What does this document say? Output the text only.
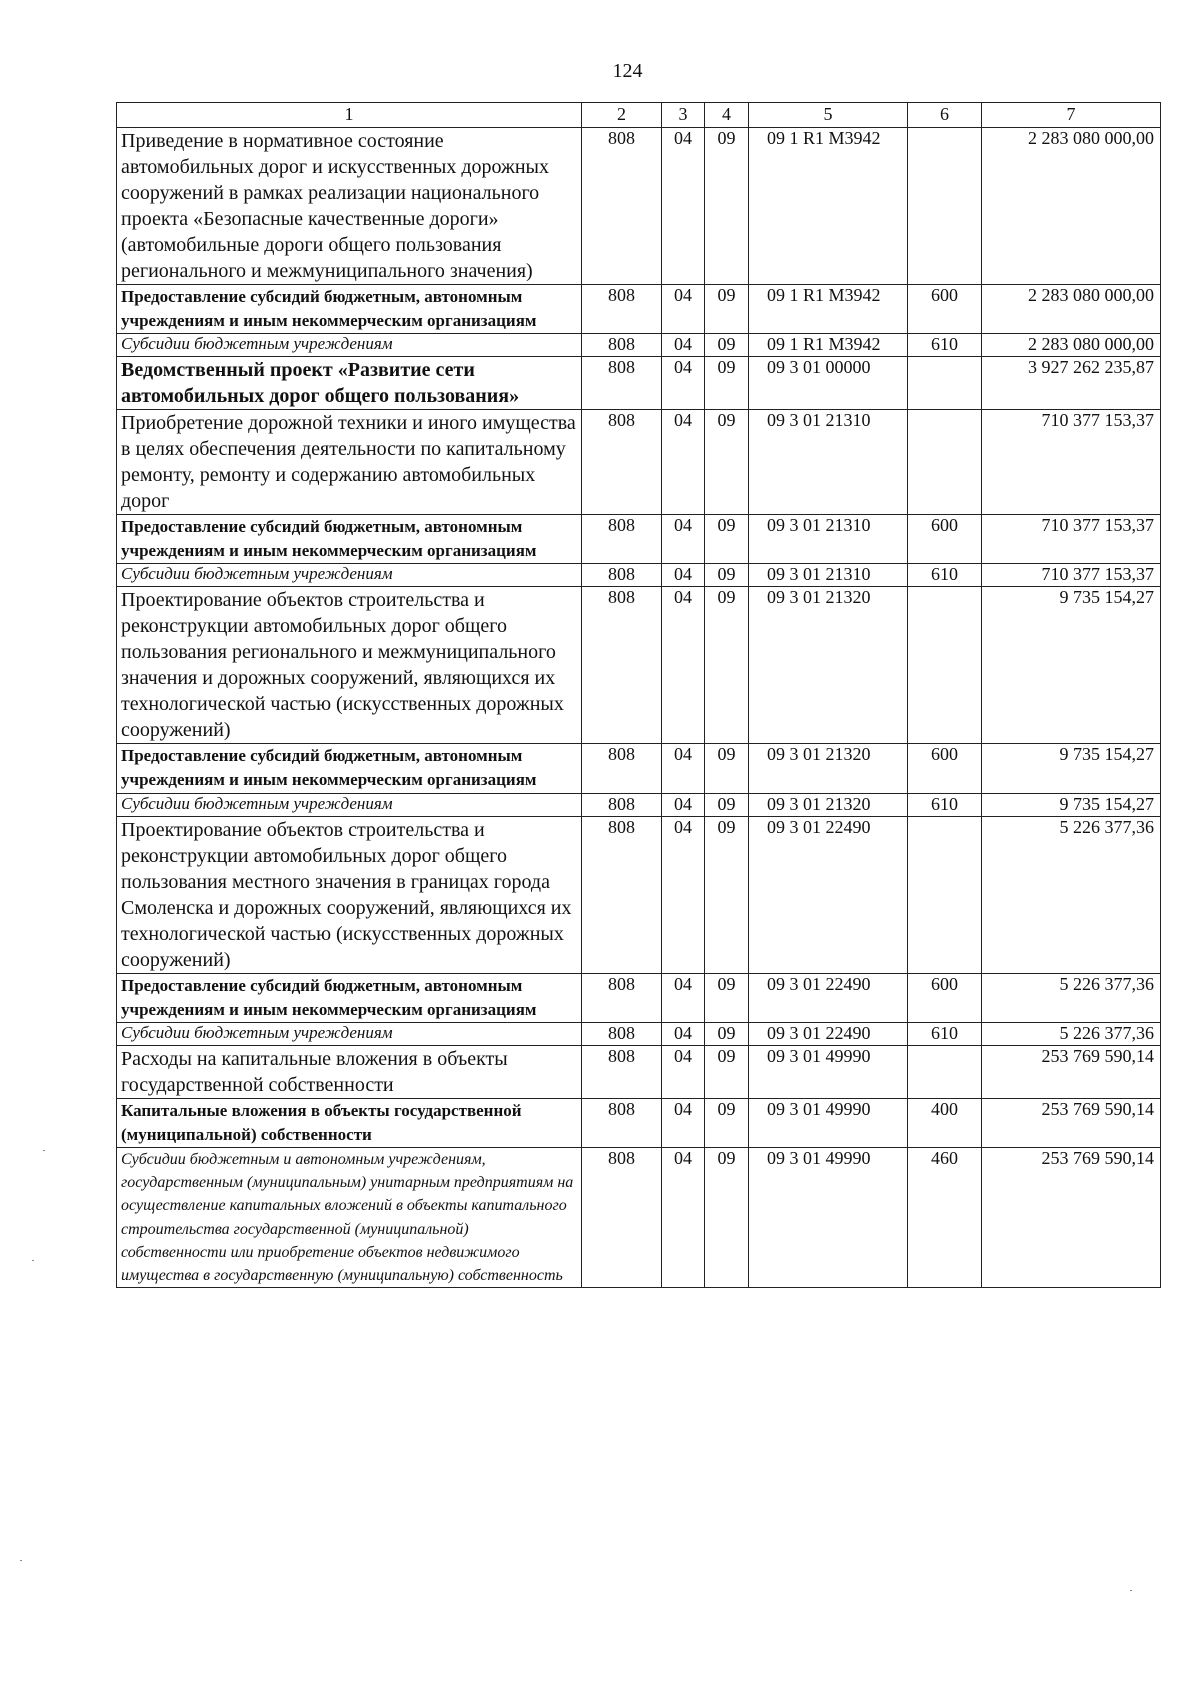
124
1	2	3	4	5	6	7
Приведение в нормативное состояние автомобильных дорог и искусственных дорожных сооружений в рамках реализации национального проекта «Безопасные качественные дороги» (автомобильные дороги общего пользования регионального и межмуниципального значения)	808	04	09	09 1 R1 M3942		2 283 080 000,00
Предоставление субсидий бюджетным, автономным учреждениям и иным некоммерческим организациям	808	04	09	09 1 R1 M3942	600	2 283 080 000,00
Субсидии бюджетным учреждениям	808	04	09	09 1 R1 M3942	610	2 283 080 000,00
Ведомственный проект «Развитие сети автомобильных дорог общего пользования»	808	04	09	09 3 01 00000		3 927 262 235,87
Приобретение дорожной техники и иного имущества в целях обеспечения деятельности по капитальному ремонту, ремонту и содержанию автомобильных дорог	808	04	09	09 3 01 21310		710 377 153,37
Предоставление субсидий бюджетным, автономным учреждениям и иным некоммерческим организациям	808	04	09	09 3 01 21310	600	710 377 153,37
Субсидии бюджетным учреждениям	808	04	09	09 3 01 21310	610	710 377 153,37
Проектирование объектов строительства и реконструкции автомобильных дорог общего пользования регионального и межмуниципального значения и дорожных сооружений, являющихся их технологической частью (искусственных дорожных сооружений)	808	04	09	09 3 01 21320		9 735 154,27
Предоставление субсидий бюджетным, автономным учреждениям и иным некоммерческим организациям	808	04	09	09 3 01 21320	600	9 735 154,27
Субсидии бюджетным учреждениям	808	04	09	09 3 01 21320	610	9 735 154,27
Проектирование объектов строительства и реконструкции автомобильных дорог общего пользования местного значения в границах города Смоленска и дорожных сооружений, являющихся их технологической частью (искусственных дорожных сооружений)	808	04	09	09 3 01 22490		5 226 377,36
Предоставление субсидий бюджетным, автономным учреждениям и иным некоммерческим организациям	808	04	09	09 3 01 22490	600	5 226 377,36
Субсидии бюджетным учреждениям	808	04	09	09 3 01 22490	610	5 226 377,36
Расходы на капитальные вложения в объекты государственной собственности	808	04	09	09 3 01 49990		253 769 590,14
Капитальные вложения в объекты государственной (муниципальной) собственности	808	04	09	09 3 01 49990	400	253 769 590,14
Субсидии бюджетным и автономным учреждениям, государственным (муниципальным) унитарным предприятиям на осуществление капитальных вложений в объекты капитального строительства государственной (муниципальной) собственности или приобретение объектов недвижимого имущества в государственную (муниципальную) собственность	808	04	09	09 3 01 49990	460	253 769 590,14
